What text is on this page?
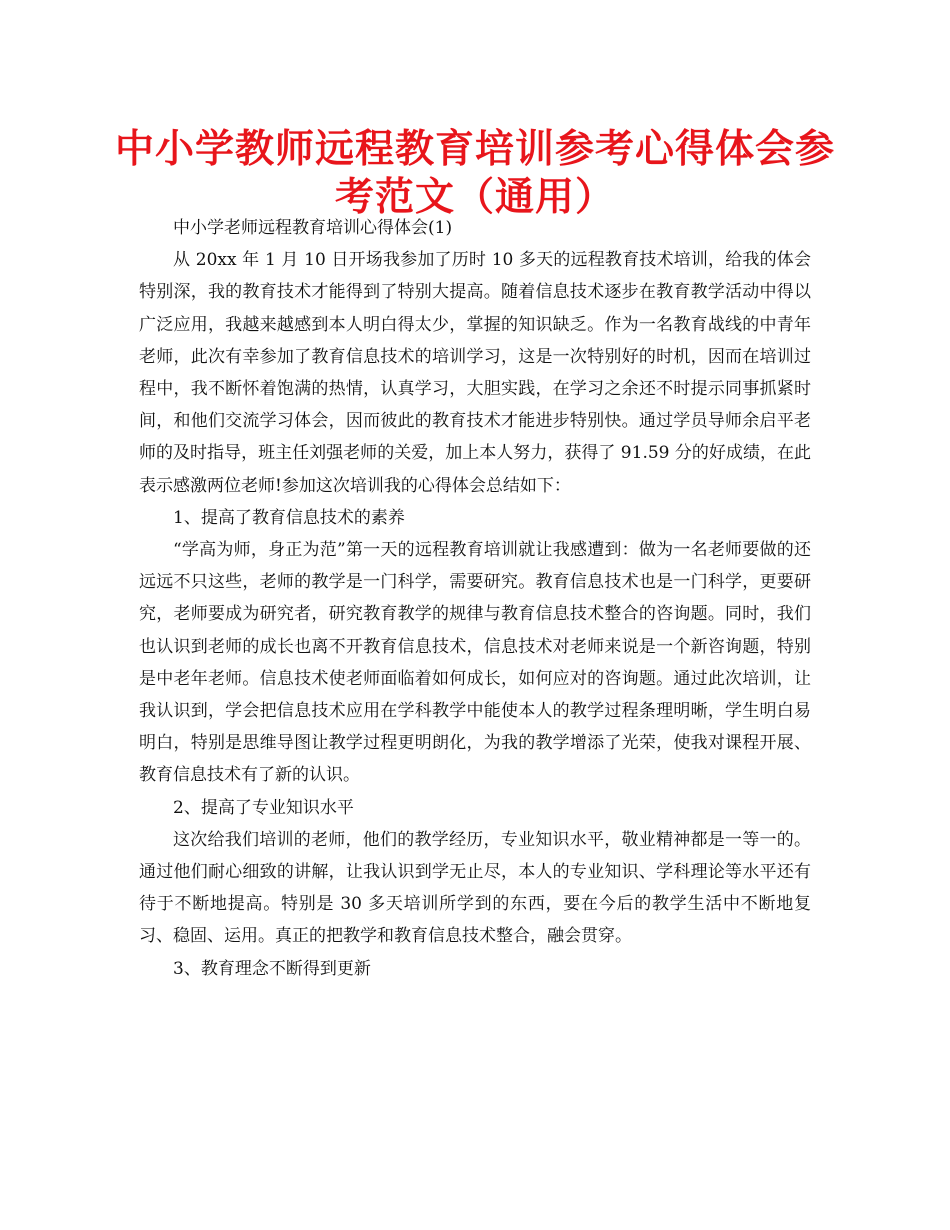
中小学教师远程教育培训参考心得体会参
考范文（通用）

中小学老师远程教育培训心得体会(1)

从 20xx 年 1 月 10 日开场我参加了历时 10 多天的远程教育技术培训，给我的体会特别深，我的教育技术才能得到了特别大提高。随着信息技术逐步在教育教学活动中得以广泛应用，我越来越感到本人明白得太少，掌握的知识缺乏。作为一名教育战线的中青年老师，此次有幸参加了教育信息技术的培训学习，这是一次特别好的时机，因而在培训过程中，我不断怀着饱满的热情，认真学习，大胆实践，在学习之余还不时提示同事抓紧时间，和他们交流学习体会，因而彼此的教育技术才能进步特别快。通过学员导师余启平老师的及时指导，班主任刘强老师的关爱，加上本人努力，获得了 91.59 分的好成绩，在此表示感激两位老师!参加这次培训我的心得体会总结如下：

1、提高了教育信息技术的素养

“学高为师，身正为范”第一天的远程教育培训就让我感遭到：做为一名老师要做的还远远不只这些，老师的教学是一门科学，需要研究。教育信息技术也是一门科学，更要研究，老师要成为研究者，研究教育教学的规律与教育信息技术整合的咨询题。同时，我们也认识到老师的成长也离不开教育信息技术，信息技术对老师来说是一个新咨询题，特别是中老年老师。信息技术使老师面临着如何成长，如何应对的咨询题。通过此次培训，让我认识到，学会把信息技术应用在学科教学中能使本人的教学过程条理明晰，学生明白易明白，特别是思维导图让教学过程更明朗化，为我的教学增添了光荣，使我对课程开展、教育信息技术有了新的认识。

2、提高了专业知识水平

这次给我们培训的老师，他们的教学经历，专业知识水平，敬业精神都是一等一的。通过他们耐心细致的讲解，让我认识到学无止尽，本人的专业知识、学科理论等水平还有待于不断地提高。特别是 30 多天培训所学到的东西，要在今后的教学生活中不断地复习、稳固、运用。真正的把教学和教育信息技术整合，融会贯穿。

3、教育理念不断得到更新
